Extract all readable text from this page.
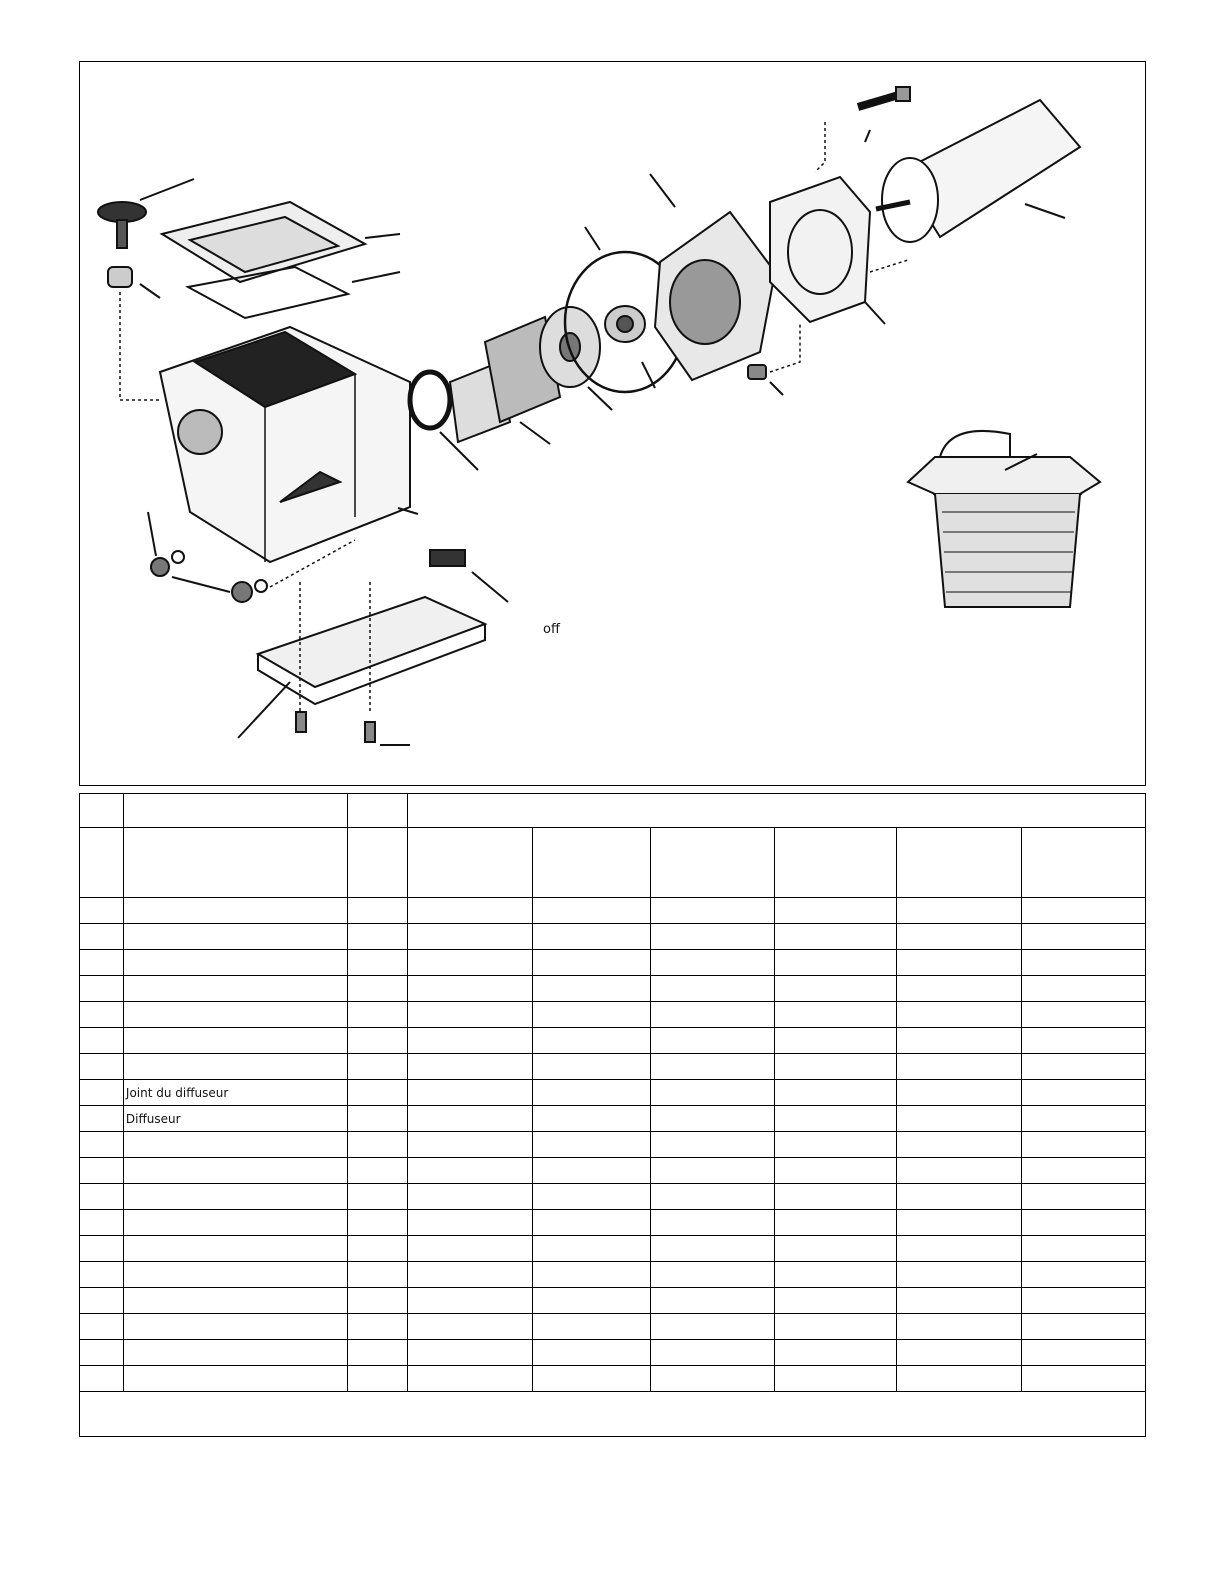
off

	Joint du diffuseur							
	Diffuseur							
